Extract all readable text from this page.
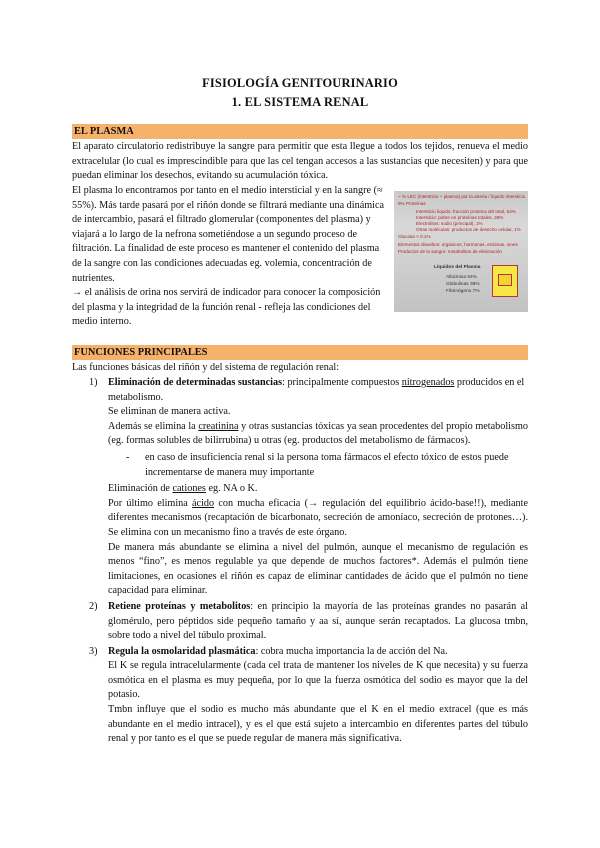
FISIOLOGÍA GENITOURINARIO
1. EL SISTEMA RENAL
EL PLASMA
El aparato circulatorio redistribuye la sangre para permitir que esta llegue a todos los tejidos, renueva el medio extracelular (lo cual es imprescindible para que las cel tengan accesos a las sustancias que necesiten) y para que puedan eliminar los desechos, evitando su acumulación tóxica.
El plasma lo encontramos por tanto en el medio intersticial y en la sangre (≈ 55%). Más tarde pasará por el riñón donde se filtrará mediante una dinámica de intercambio, pasará el filtrado glomerular (componentes del plasma) y viajará a lo largo de la nefrona sometiéndose a un segundo proceso de filtración. La finalidad de este proceso es mantener el contenido del plasma de la sangre con las condiciones adecuadas eg. volemia, concentración de nutrientes.
→ el análisis de orina nos servirá de indicador para conocer la composición del plasma y la integridad de la función renal - refleja las condiciones del medio interno.
~ % LEC (intersticio + plasma) por la arteria / líquido intersticio
9% Proteínas
Intersticio líquido: fracción proteica del total, 54%
Intersticio: pobre en proteínas totales, 36%
Electrolitos: sodio (principal), 1%
Otras moléculas: productos de desecho celular, 1%
Glucosa < 0.1%
Elementos disueltos: orgánicos, hormonas, enzimas, iones
Productos de la sangre: metabolitos de eliminación
Líquidos del Plasma
Albúmina 54%
Globulinas 38%
Fibrinógeno 7%
FUNCIONES PRINCIPALES
Las funciones básicas del riñón y del sistema de regulación renal:
1) Eliminación de determinadas sustancias: principalmente compuestos nitrogenados producidos en el metabolismo.
Se eliminan de manera activa.
Además se elimina la creatinina y otras sustancias tóxicas ya sean procedentes del propio metabolismo (eg. formas solubles de bilirrubina) u otras (eg. productos del metabolismo de fármacos).
- en caso de insuficiencia renal si la persona toma fármacos el efecto tóxico de estos puede incrementarse de manera muy importante
Eliminación de cationes eg. NA o K.
Por último elimina ácido con mucha eficacia (→ regulación del equilibrio ácido-base!!), mediante diferentes mecanismos (recaptación de bicarbonato, secreción de amoníaco, secreción de protones…). Se elimina con un mecanismo fino a través de este órgano.
De manera más abundante se elimina a nivel del pulmón, aunque el mecanismo de regulación es menos “fino”, es menos regulable ya que depende de muchos factores*. Además el pulmón tiene limitaciones, en ocasiones el riñón es capaz de eliminar cantidades de ácido que el pulmón no tiene capacidad para eliminar.
2) Retiene proteínas y metabolitos: en principio la mayoría de las proteínas grandes no pasarán al glomérulo, pero péptidos side pequeño tamaño y aa sí, aunque serán recaptados. La glucosa tmbn, sobre todo a nivel del túbulo proximal.
3) Regula la osmolaridad plasmática: cobra mucha importancia la de acción del Na.
El K se regula intracelularmente (cada cel trata de mantener los niveles de K que necesita) y su fuerza osmótica en el plasma es muy pequeña, por lo que la fuerza osmótica del sodio es mayor que la del potasio.
Tmbn influye que el sodio es mucho más abundante que el K en el medio extracel (que es más abundante en el medio intracel), y es el que está sujeto a intercambio en diferentes partes del túbulo renal y por tanto es el que se puede regular de manera más significativa.
